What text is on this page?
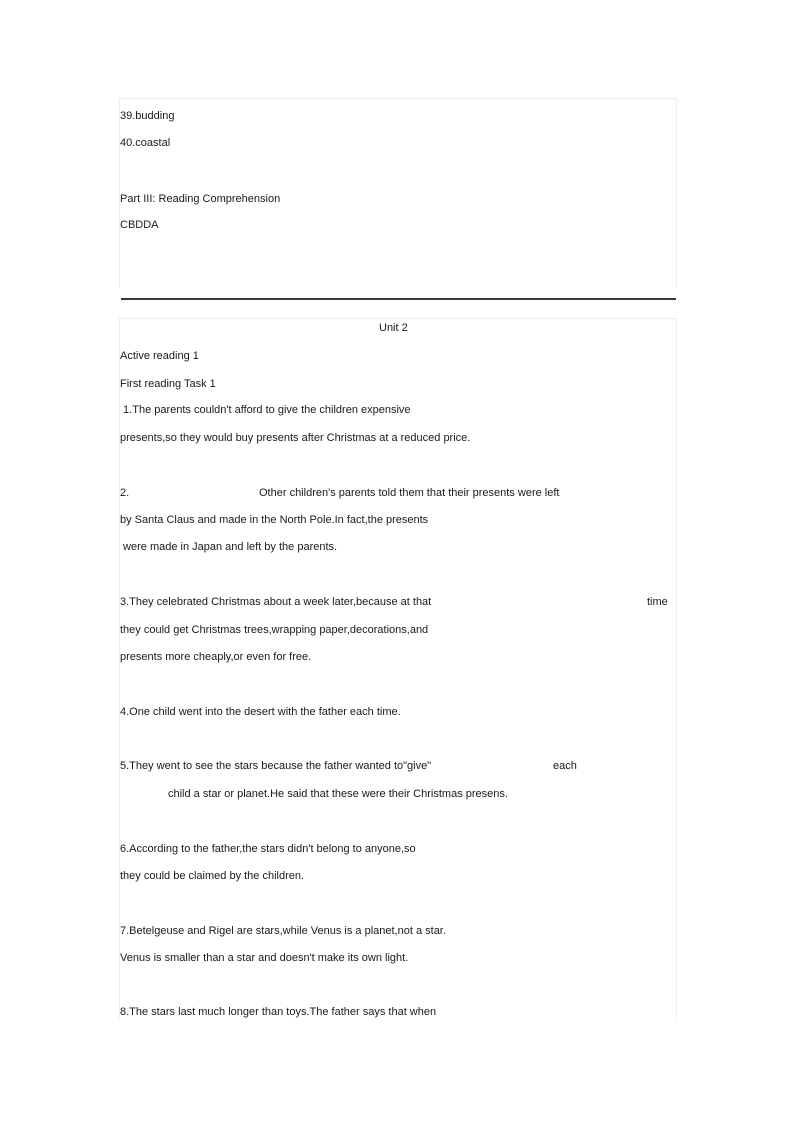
39.budding
40.coastal
Part III: Reading Comprehension
CBDDA
Unit 2
Active reading 1
First reading Task 1
1.The parents couldn't afford to give the children expensive
presents,so they would buy presents after Christmas at a reduced price.
2.	Other children's parents told them that their presents were left
by Santa Claus and made in the North Pole.In fact,the presents
were made in Japan and left by the parents.
3.They celebrated Christmas about a week later,because at that	time
they could get Christmas trees,wrapping paper,decorations,and
presents more cheaply,or even for free.
4.One child went into the desert with the father each time.
5.They went to see the stars because the father wanted to"give"	each
child a star or planet.He said that these were their Christmas presens.
6.According to the father,the stars didn't belong to anyone,so
they could be claimed by the children.
7.Betelgeuse and Rigel are stars,while Venus is a planet,not a star.
Venus is smaller than a star and doesn't make its own light.
8.The stars last much longer than toys.The father says that when
